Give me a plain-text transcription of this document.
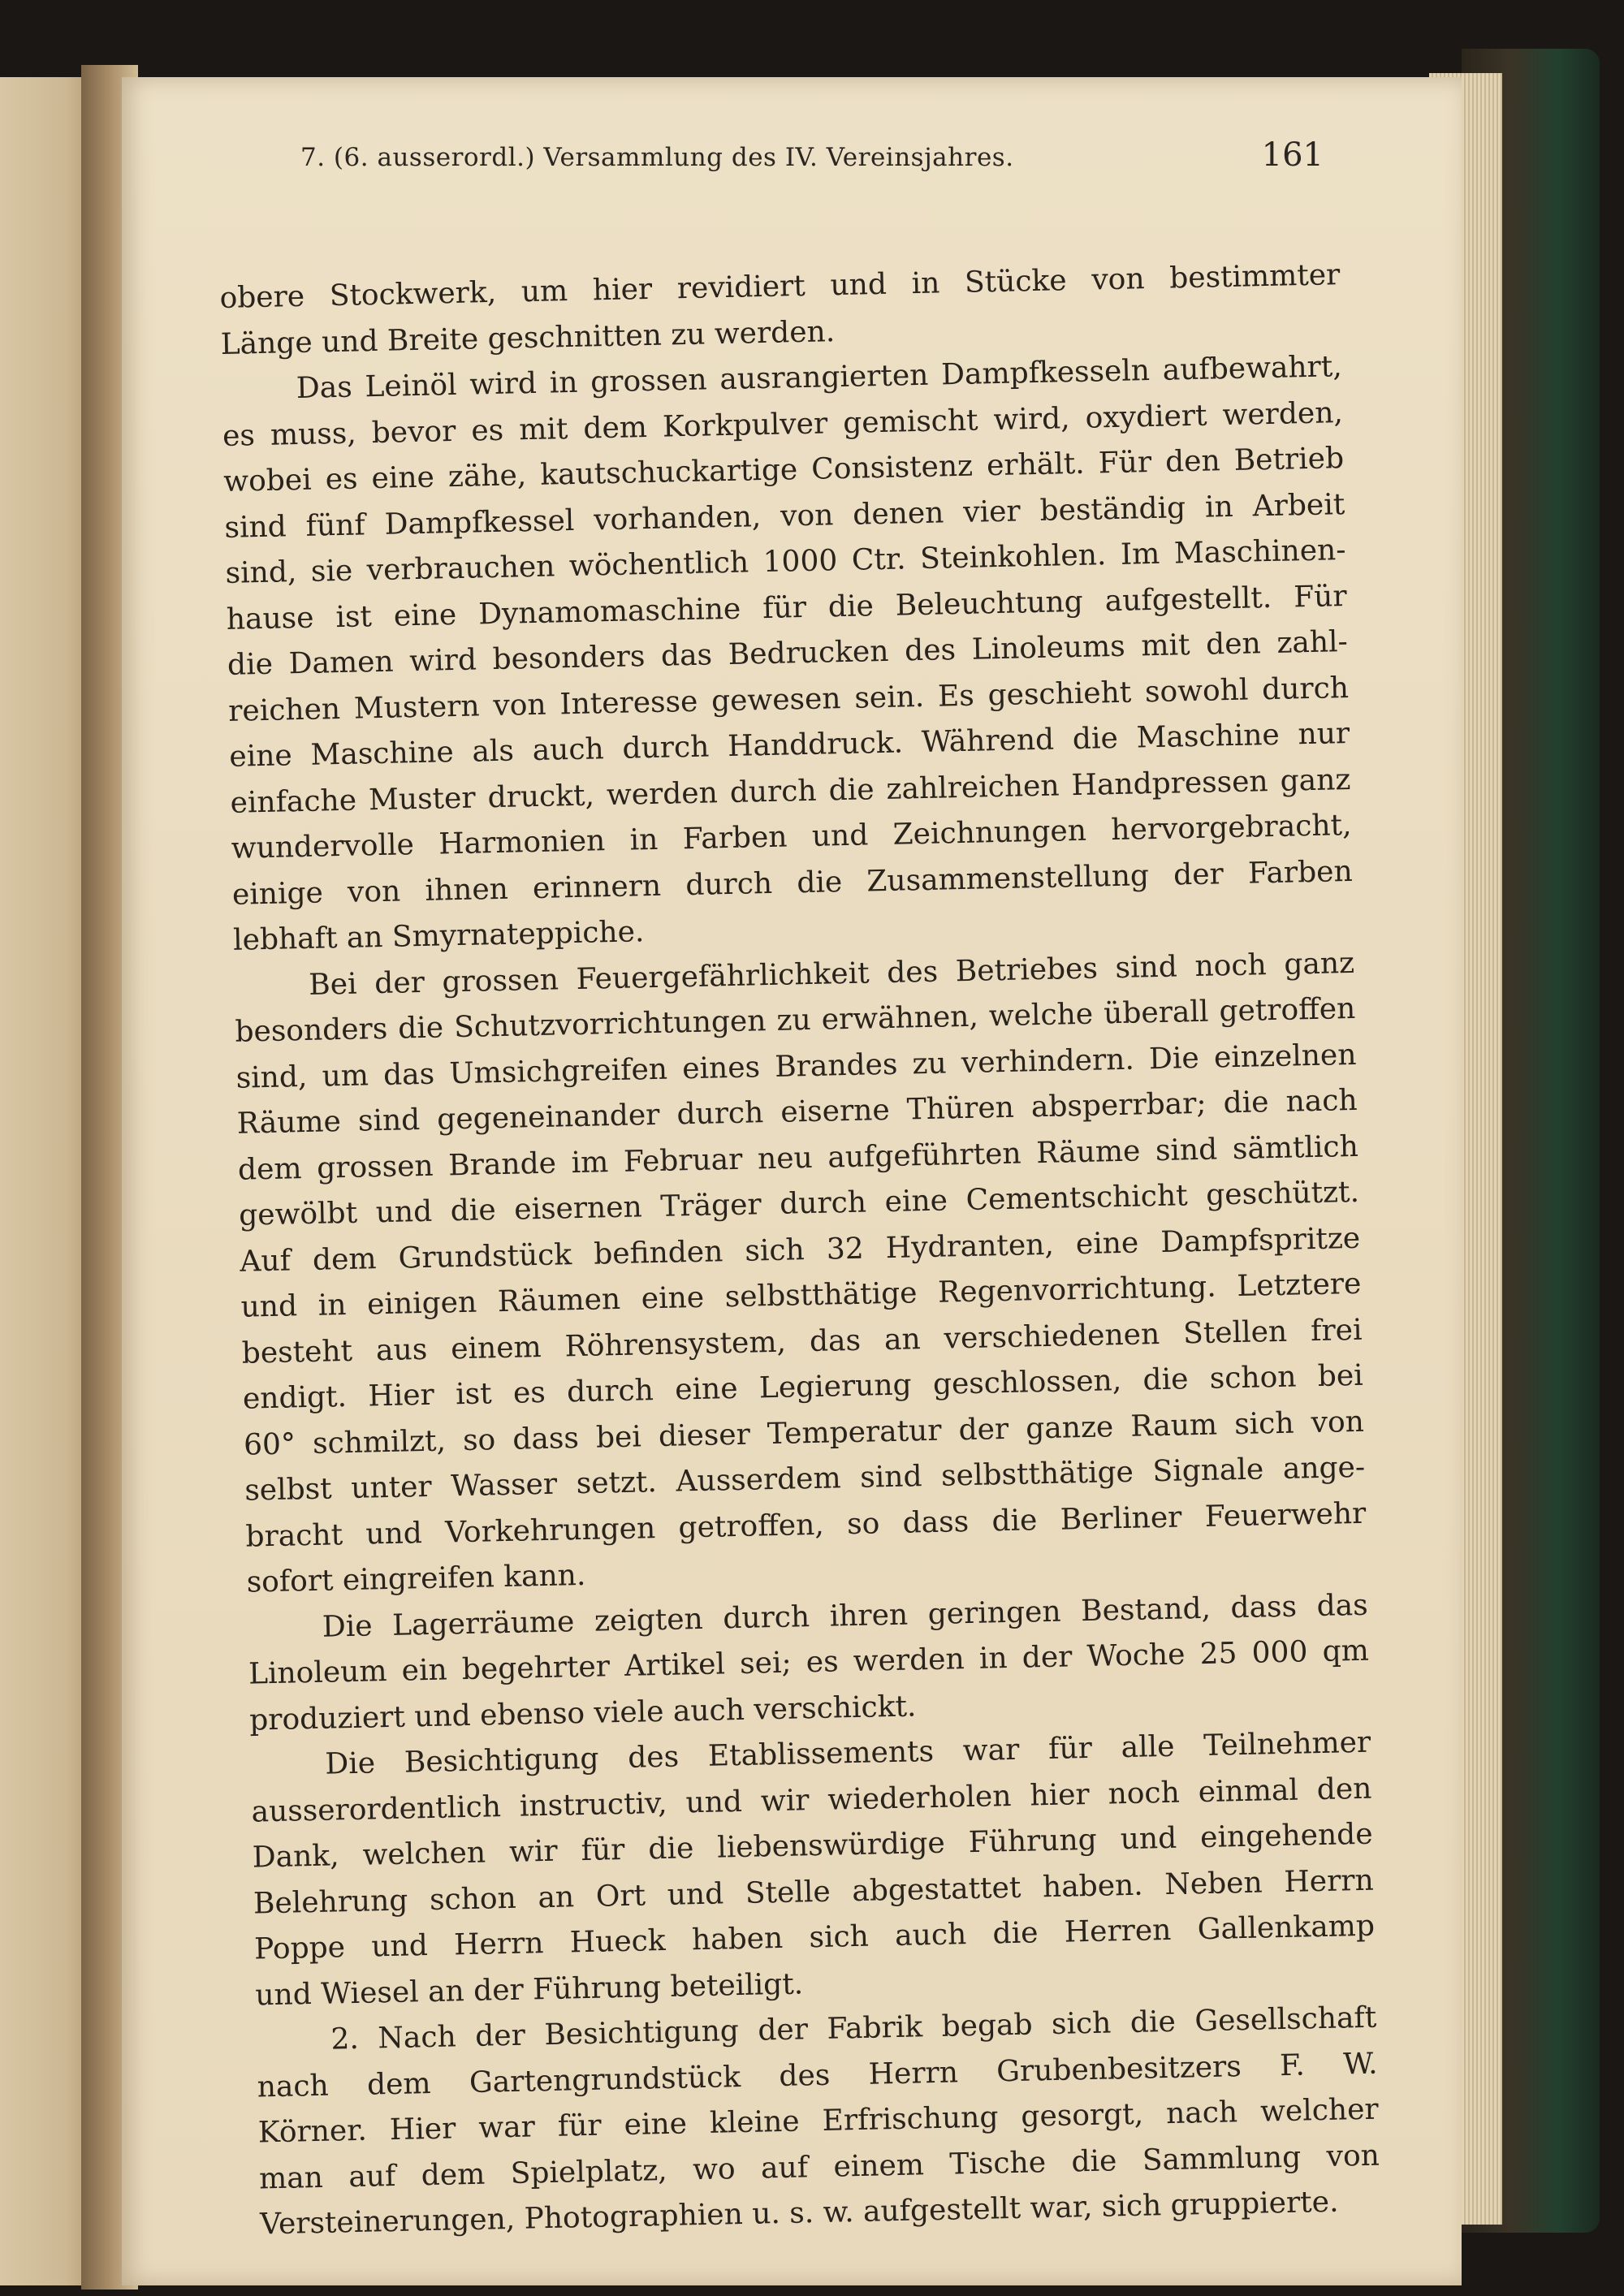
7. (6. ausserordl.) Versammlung des IV. Vereinsjahres.	161
obere Stockwerk, um hier revidiert und in Stücke von bestimmter
Länge und Breite geschnitten zu werden.
Das Leinöl wird in grossen ausrangierten Dampfkesseln aufbewahrt,
es muss, bevor es mit dem Korkpulver gemischt wird, oxydiert werden,
wobei es eine zähe, kautschuckartige Consistenz erhält. Für den Betrieb
sind fünf Dampfkessel vorhanden, von denen vier beständig in Arbeit
sind, sie verbrauchen wöchentlich 1000 Ctr. Steinkohlen. Im Maschinen-
hause ist eine Dynamomaschine für die Beleuchtung aufgestellt. Für
die Damen wird besonders das Bedrucken des Linoleums mit den zahl-
reichen Mustern von Interesse gewesen sein. Es geschieht sowohl durch
eine Maschine als auch durch Handdruck. Während die Maschine nur
einfache Muster druckt, werden durch die zahlreichen Handpressen ganz
wundervolle Harmonien in Farben und Zeichnungen hervorgebracht,
einige von ihnen erinnern durch die Zusammenstellung der Farben
lebhaft an Smyrnateppiche.
Bei der grossen Feuergefährlichkeit des Betriebes sind noch ganz
besonders die Schutzvorrichtungen zu erwähnen, welche überall getroffen
sind, um das Umsichgreifen eines Brandes zu verhindern. Die einzelnen
Räume sind gegeneinander durch eiserne Thüren absperrbar; die nach
dem grossen Brande im Februar neu aufgeführten Räume sind sämtlich
gewölbt und die eisernen Träger durch eine Cementschicht geschützt.
Auf dem Grundstück befinden sich 32 Hydranten, eine Dampfspritze
und in einigen Räumen eine selbstthätige Regenvorrichtung. Letztere
besteht aus einem Röhrensystem, das an verschiedenen Stellen frei
endigt. Hier ist es durch eine Legierung geschlossen, die schon bei
60° schmilzt, so dass bei dieser Temperatur der ganze Raum sich von
selbst unter Wasser setzt. Ausserdem sind selbstthätige Signale ange-
bracht und Vorkehrungen getroffen, so dass die Berliner Feuerwehr
sofort eingreifen kann.
Die Lagerräume zeigten durch ihren geringen Bestand, dass das
Linoleum ein begehrter Artikel sei; es werden in der Woche 25 000 qm
produziert und ebenso viele auch verschickt.
Die Besichtigung des Etablissements war für alle Teilnehmer
ausserordentlich instructiv, und wir wiederholen hier noch einmal den
Dank, welchen wir für die liebenswürdige Führung und eingehende
Belehrung schon an Ort und Stelle abgestattet haben. Neben Herrn
Poppe und Herrn Hueck haben sich auch die Herren Gallenkamp
und Wiesel an der Führung beteiligt.
2. Nach der Besichtigung der Fabrik begab sich die Gesellschaft
nach dem Gartengrundstück des Herrn Grubenbesitzers F. W.
Körner. Hier war für eine kleine Erfrischung gesorgt, nach welcher
man auf dem Spielplatz, wo auf einem Tische die Sammlung von
Versteinerungen, Photographien u. s. w. aufgestellt war, sich gruppierte.
